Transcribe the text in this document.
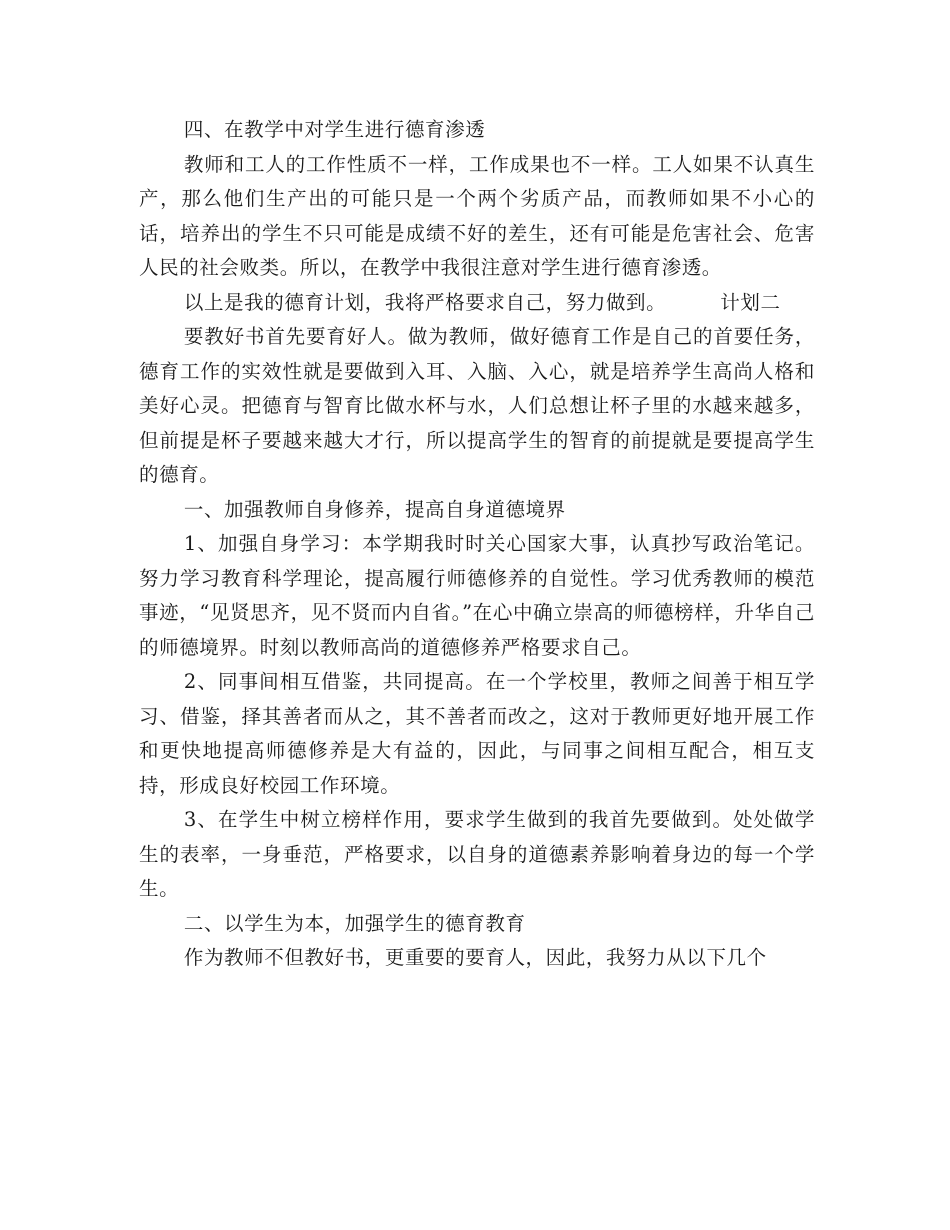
四、在教学中对学生进行德育渗透

教师和工人的工作性质不一样，工作成果也不一样。工人如果不认真生产，那么他们生产出的可能只是一个两个劣质产品，而教师如果不小心的话，培养出的学生不只可能是成绩不好的差生，还有可能是危害社会、危害人民的社会败类。所以，在教学中我很注意对学生进行德育渗透。

以上是我的德育计划，我将严格要求自己，努力做到。	计划二

要教好书首先要育好人。做为教师，做好德育工作是自己的首要任务，德育工作的实效性就是要做到入耳、入脑、入心，就是培养学生高尚人格和美好心灵。把德育与智育比做水杯与水，人们总想让杯子里的水越来越多，但前提是杯子要越来越大才行，所以提高学生的智育的前提就是要提高学生的德育。

一、加强教师自身修养，提高自身道德境界

1、加强自身学习：本学期我时时关心国家大事，认真抄写政治笔记。努力学习教育科学理论，提高履行师德修养的自觉性。学习优秀教师的模范事迹，“见贤思齐，见不贤而内自省。”在心中确立崇高的师德榜样，升华自己的师德境界。时刻以教师高尚的道德修养严格要求自己。

2、同事间相互借鉴，共同提高。在一个学校里，教师之间善于相互学习、借鉴，择其善者而从之，其不善者而改之，这对于教师更好地开展工作和更快地提高师德修养是大有益的，因此，与同事之间相互配合，相互支持，形成良好校园工作环境。

3、在学生中树立榜样作用，要求学生做到的我首先要做到。处处做学生的表率，一身垂范，严格要求，以自身的道德素养影响着身边的每一个学生。

二、以学生为本，加强学生的德育教育

作为教师不但教好书，更重要的要育人，因此，我努力从以下几个
